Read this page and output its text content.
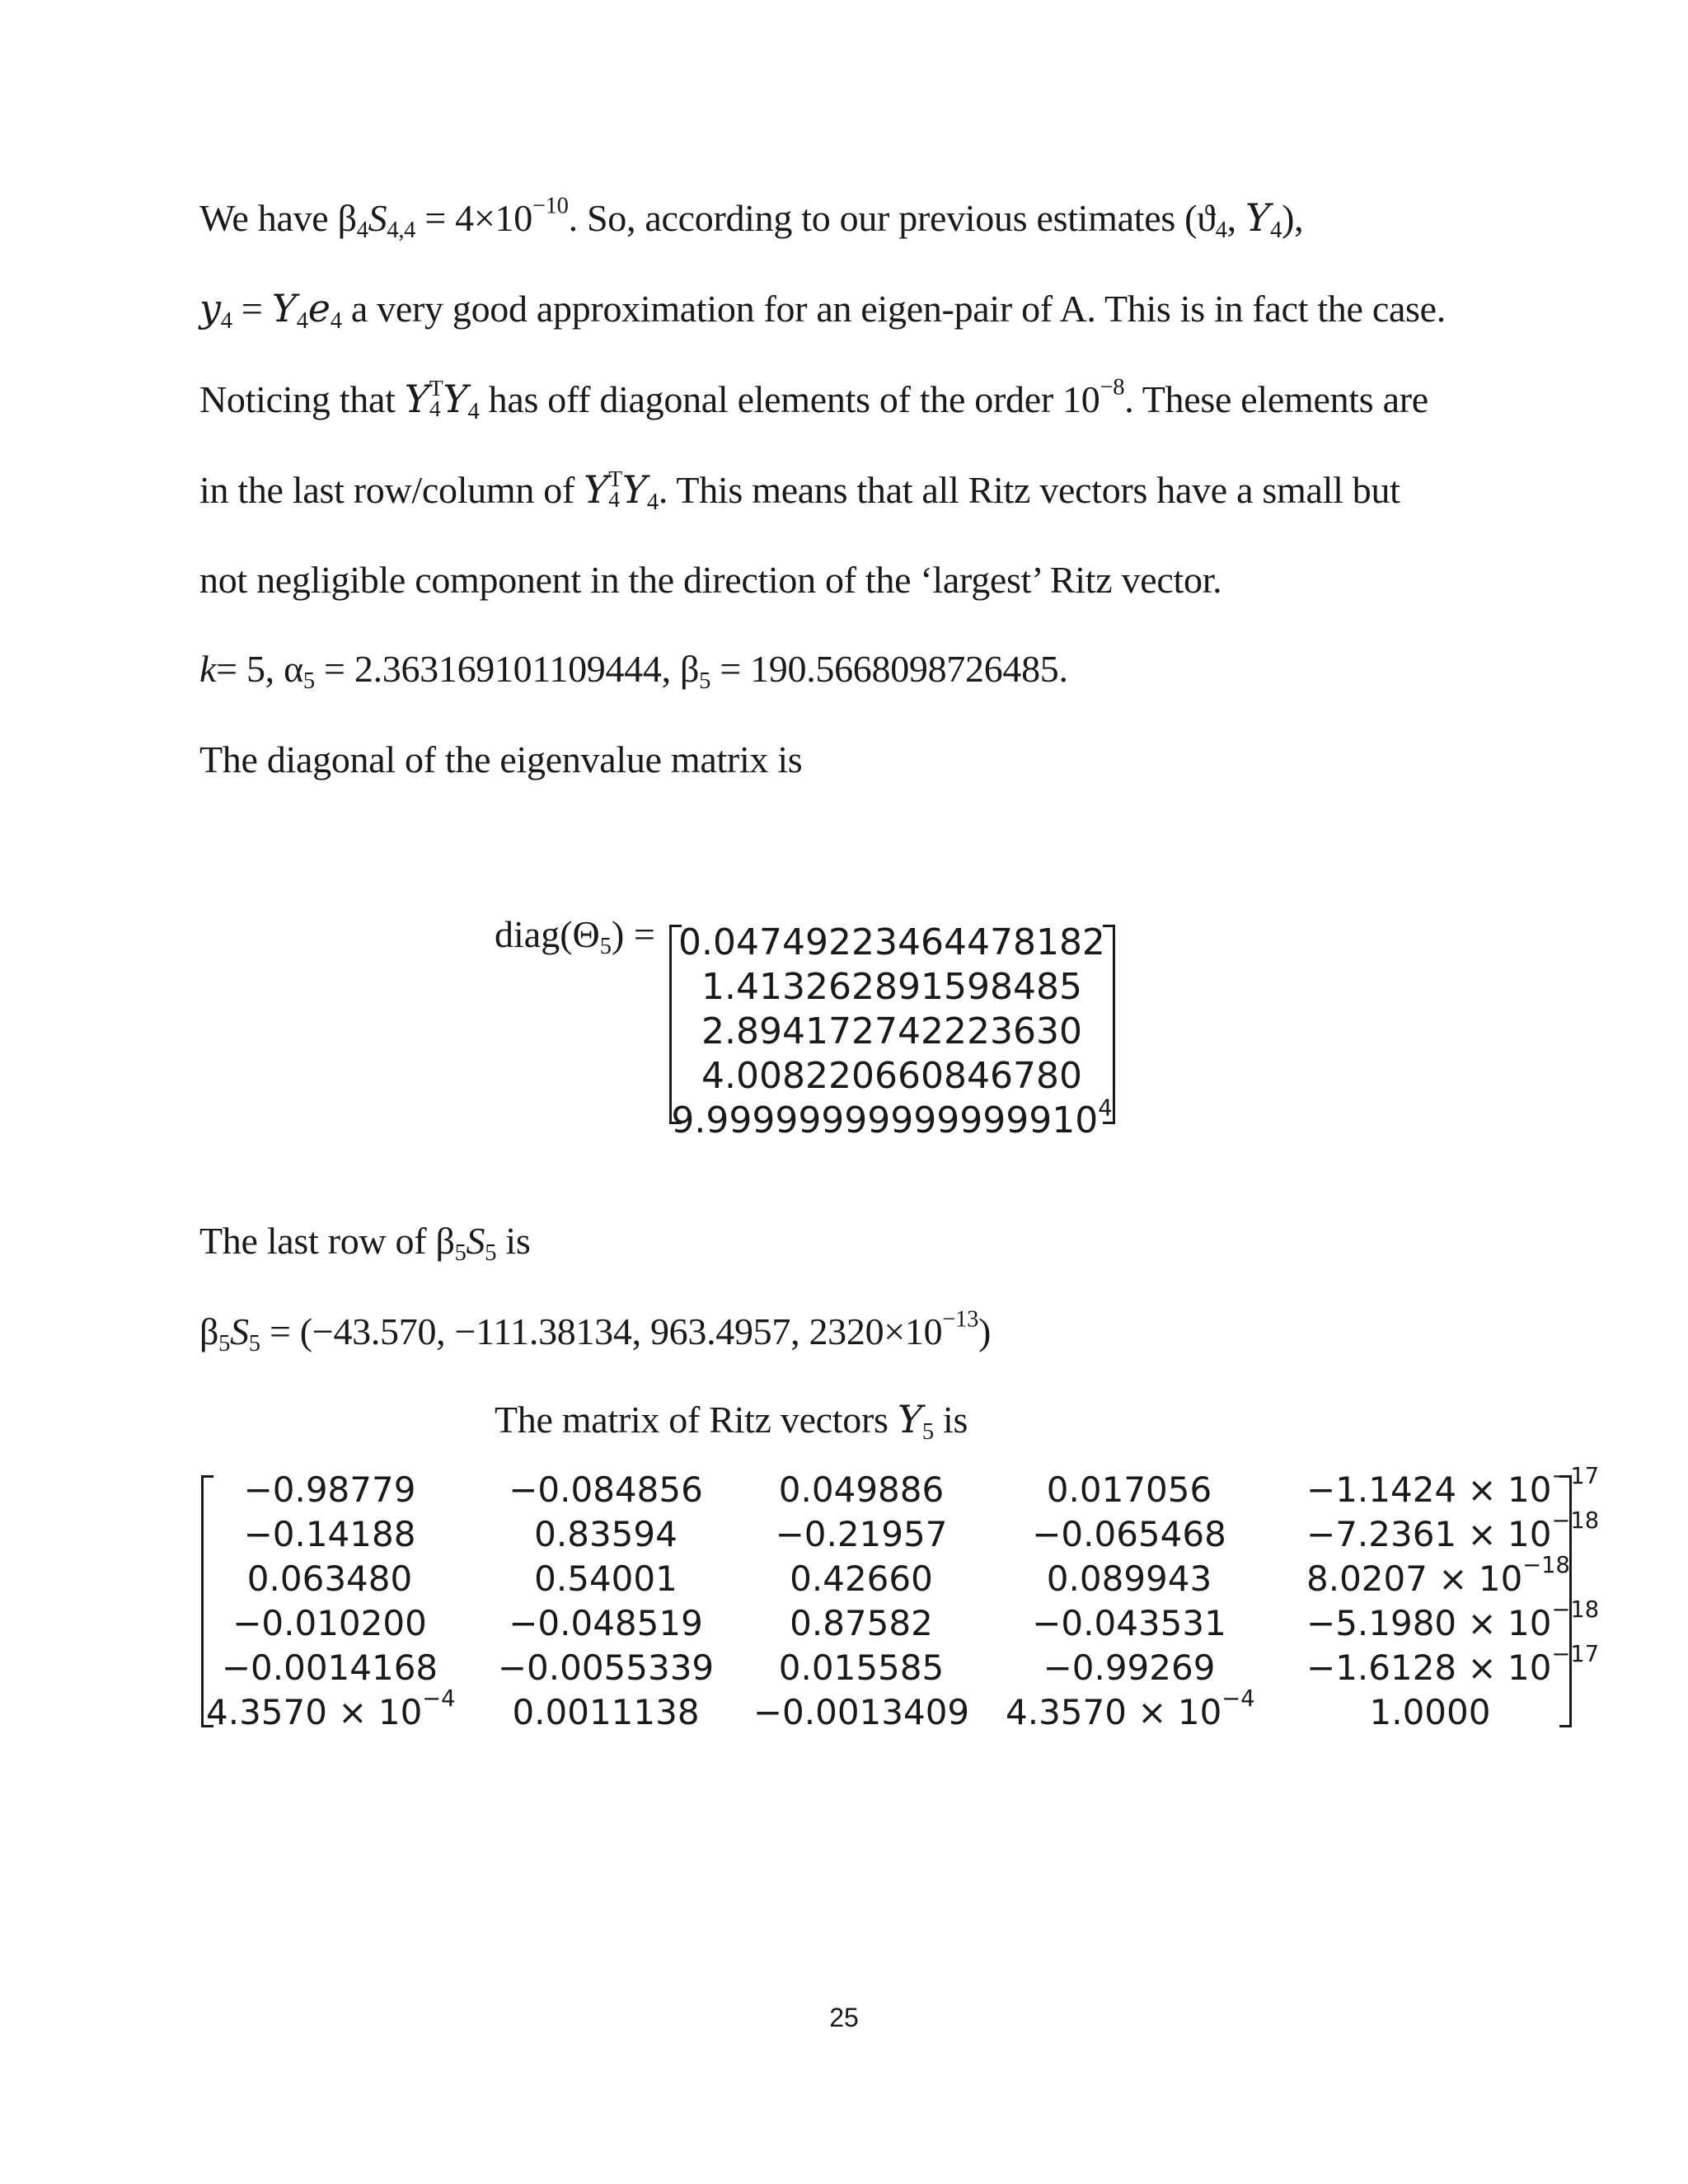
We have $\beta_4S_{4,4} = 4\times 10^{-10}$. So, according to our previous estimates ($ϑ_4$, $Y_4$),
$y_4 = Y_4e_4$ a very good approximation for an eigen-pair of A. This is in fact the case.
Noticing that Y T
4 $Y_4$ has off diagonal elements of the order $10^{-8}$. These elements are
in the last row/column of Y T
4 $Y_4$. This means that all Ritz vectors have a small but
not negligible component in the direction of the ‘largest’ Ritz vector.
k= 5, $\alpha_5 = 2.363169101109444$, $\beta_5 = 190.5668098726485$.
The diagonal of the eigenvalue matrix is
$diag(\Theta_5) = 0.04749223464478182$
1.413262891598485
2.894172742223630
4.008220660846780
9.99999999999999910$^4$
The last row of $\beta_5S_5$ is
$\beta_5S_5 = (-43.570$, −111.38134, 963.4957, $2320\times 10^{-13}$)
The matrix of Ritz vectors $Y_5$ is
−0.98779	−0.084856	0.049886	0.017056	$-1.1424 \times 10^{-17}$
−0.14188	0.83594	−0.21957	−0.065468	$-7.2361 \times 10^{-18}$
0.063480	0.54001	0.42660	0.089943	$8.0207 \times 10^{-18}$
−0.010200	−0.048519	0.87582	−0.043531	$-5.1980 \times 10^{-18}$
−0.0014168	−0.0055339	0.015585	−0.99269	$-1.6128 \times 10^{-17}$
$4.3570 \times 10^{-4}$	0.0011138	−0.0013409	$4.3570 \times 10^{-4}$	1.0000
25
